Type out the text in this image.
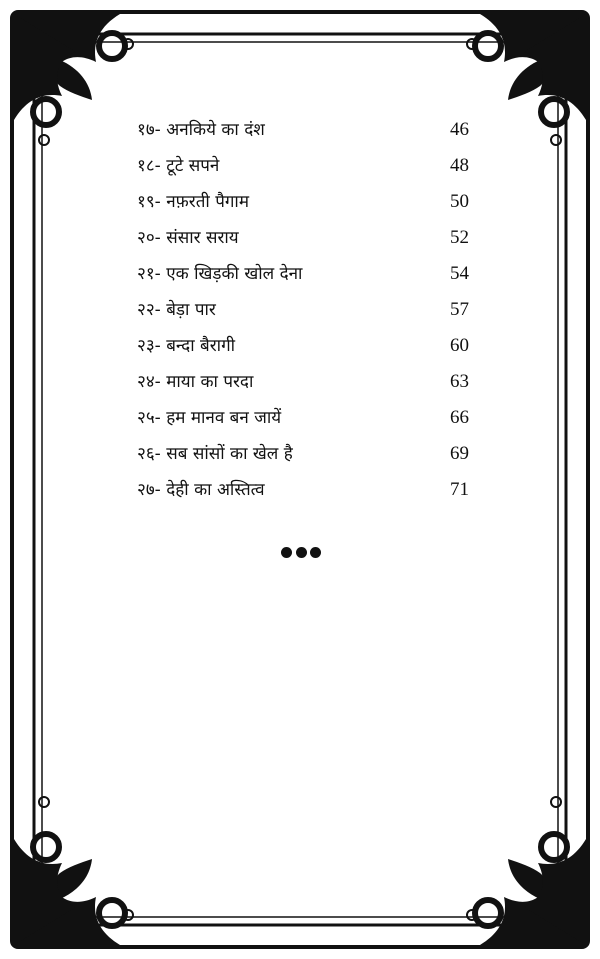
१७- अनकिये का दंश	46
१८- टूटे सपने	48
१९- नफ़रती पैगाम	50
२०- संसार सराय	52
२१- एक खिड़की खोल देना	54
२२- बेड़ा पार	57
२३- बन्दा बैरागी	60
२४- माया का परदा	63
२५- हम मानव बन जायें	66
२६- सब सांसों का खेल है	69
२७- देही का अस्तित्व	71
